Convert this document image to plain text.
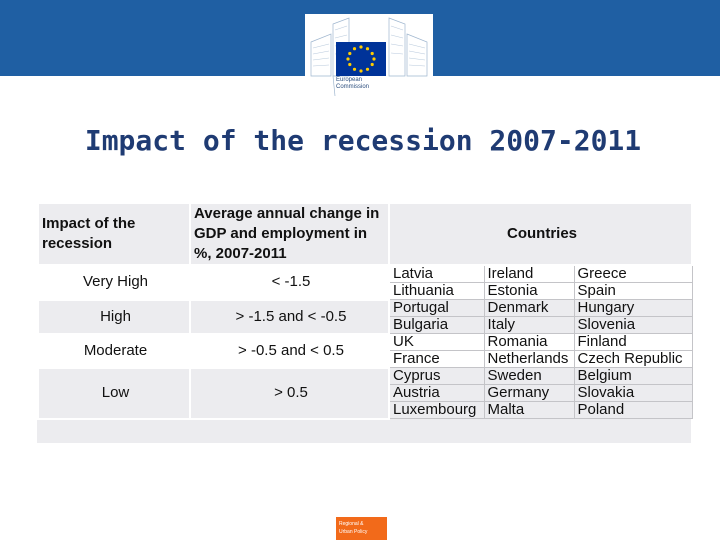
European
Commission
Impact of the recession 2007-2011
Impact of the recession	Average annual change in GDP and employment in %, 2007-2011	Countries		
Very High	< -1.5	Latvia	Ireland	Greece
		Lithuania	Estonia	Spain
High	> -1.5 and < -0.5	Portugal	Denmark	Hungary
		Bulgaria	Italy	Slovenia
Moderate	> -0.5 and < 0.5	UK	Romania	Finland
		France	Netherlands	Czech Republic
Low	> 0.5	Cyprus	Sweden	Belgium
		Austria	Germany	Slovakia
		Luxembourg	Malta	Poland
Regional &
Urban Policy
